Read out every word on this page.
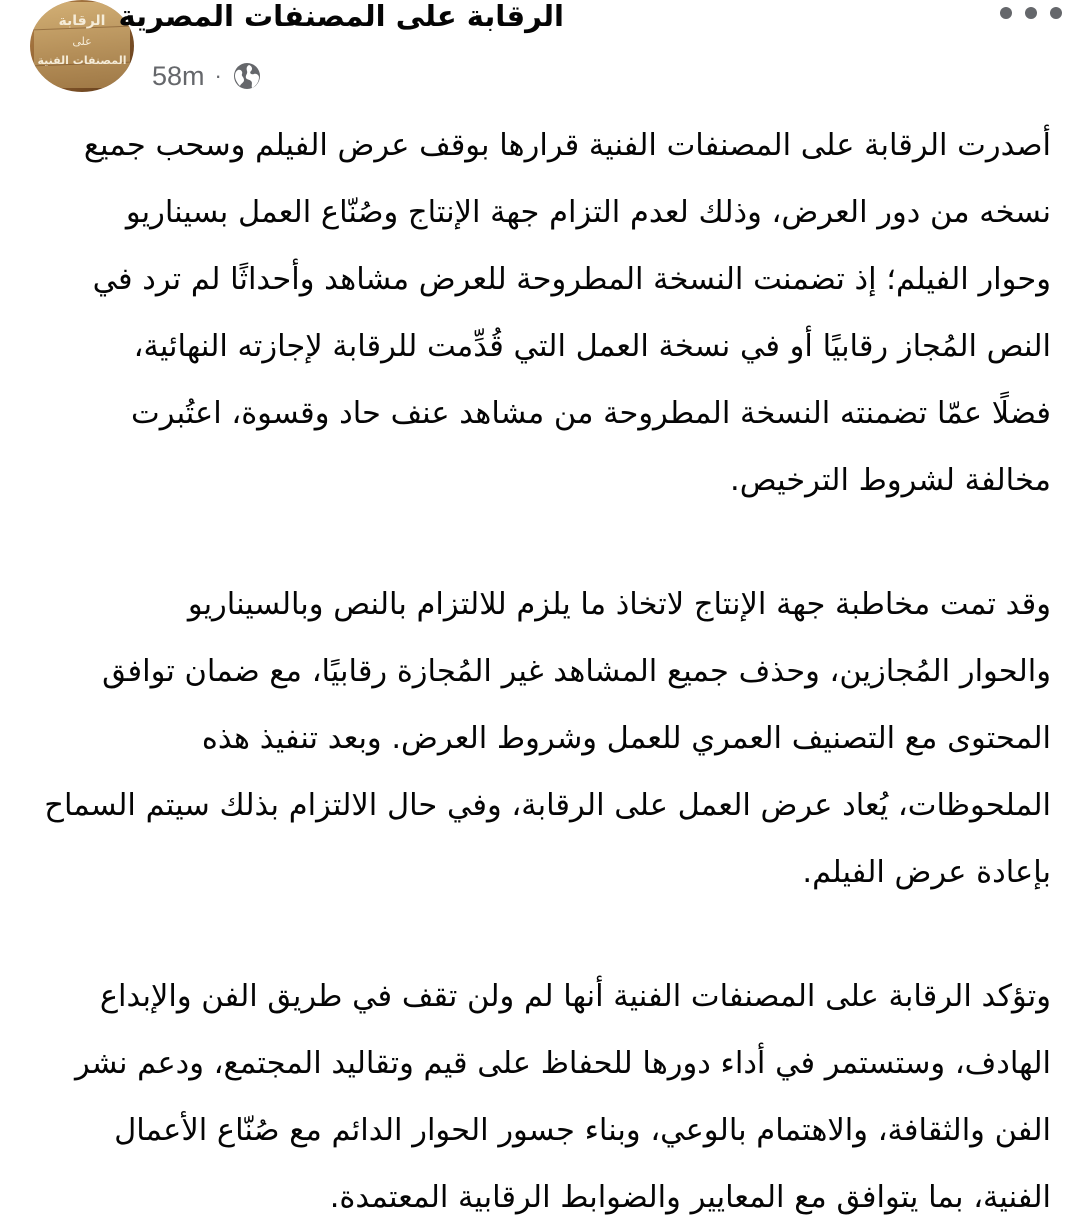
الرقابة
على
المصنفات الفنية
الرقابة على المصنفات المصرية
58m ·

أصدرت الرقابة على المصنفات الفنية قرارها بوقف عرض الفيلم وسحب جميع
نسخه من دور العرض، وذلك لعدم التزام جهة الإنتاج وصُنّاع العمل بسيناريو
وحوار الفيلم؛ إذ تضمنت النسخة المطروحة للعرض مشاهد وأحداثًا لم ترد في
النص المُجاز رقابيًا أو في نسخة العمل التي قُدِّمت للرقابة لإجازته النهائية،
فضلًا عمّا تضمنته النسخة المطروحة من مشاهد عنف حاد وقسوة، اعتُبرت
مخالفة لشروط الترخيص.

وقد تمت مخاطبة جهة الإنتاج لاتخاذ ما يلزم للالتزام بالنص وبالسيناريو
والحوار المُجازين، وحذف جميع المشاهد غير المُجازة رقابيًا، مع ضمان توافق
المحتوى مع التصنيف العمري للعمل وشروط العرض. وبعد تنفيذ هذه
الملحوظات، يُعاد عرض العمل على الرقابة، وفي حال الالتزام بذلك سيتم السماح
بإعادة عرض الفيلم.

وتؤكد الرقابة على المصنفات الفنية أنها لم ولن تقف في طريق الفن والإبداع
الهادف، وستستمر في أداء دورها للحفاظ على قيم وتقاليد المجتمع، ودعم نشر
الفن والثقافة، والاهتمام بالوعي، وبناء جسور الحوار الدائم مع صُنّاع الأعمال
الفنية، بما يتوافق مع المعايير والضوابط الرقابية المعتمدة.
